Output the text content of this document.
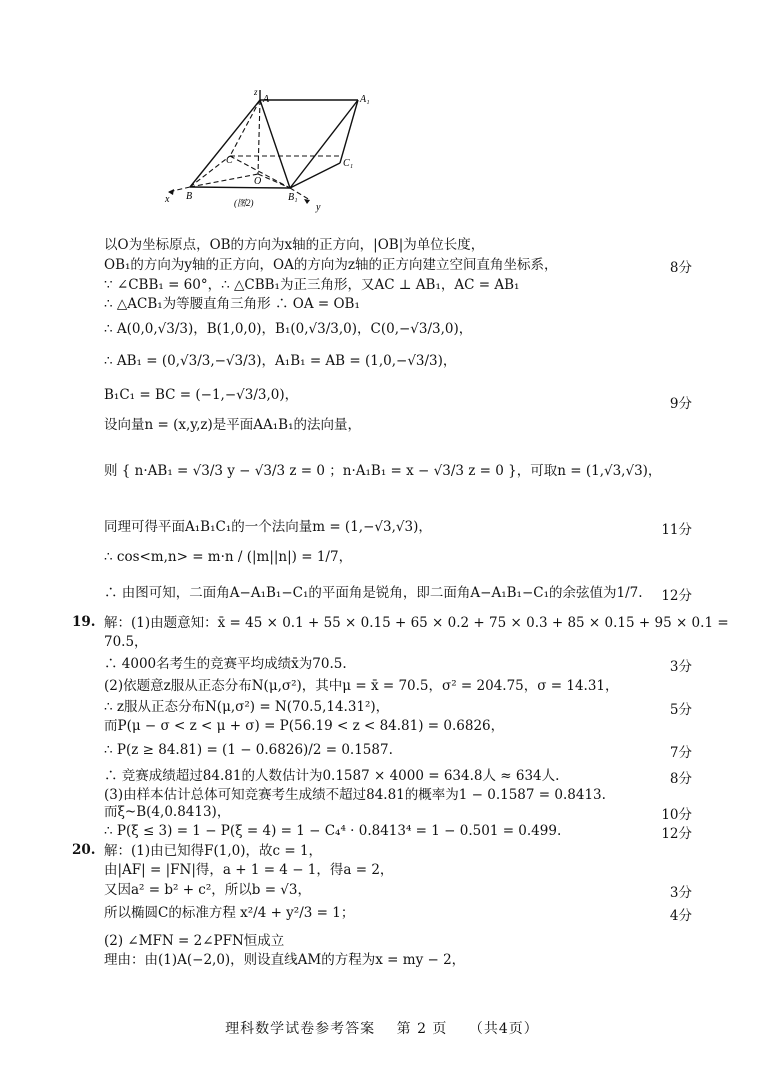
z
A	A₁
C	C₁
O
B	B₁
x
y
(图2)
以O为坐标原点，OB的方向为x轴的正方向，|OB|为单位长度，
OB₁的方向为y轴的正方向，OA的方向为z轴的正方向建立空间直角坐标系，
∵ ∠CBB₁ = 60°，∴ △CBB₁为正三角形，又AC ⊥ AB₁，AC = AB₁
∴ △ACB₁为等腰直角三角形 ∴ OA = OB₁
∴ A(0,0,√3/3)，B(1,0,0)，B₁(0,√3/3,0)，C(0,−√3/3,0)，
∴ AB₁ = (0,√3/3,−√3/3)，A₁B₁ = AB = (1,0,−√3/3)，
B₁C₁ = BC = (−1,−√3/3,0)，
设向量n = (x,y,z)是平面AA₁B₁的法向量，
则 { n·AB₁ = √3/3 y − √3/3 z = 0 ；n·A₁B₁ = x − √3/3 z = 0 }，可取n = (1,√3,√3)，
同理可得平面A₁B₁C₁的一个法向量m = (1,−√3,√3)，
∴ cos<m,n> = m·n / (|m||n|) = 1/7，
∴ 由图可知，二面角A−A₁B₁−C₁的平面角是锐角，即二面角A−A₁B₁−C₁的余弦值为1/7.
19. 解：(1)由题意知：x̄ = 45 × 0.1 + 55 × 0.15 + 65 × 0.2 + 75 × 0.3 + 85 × 0.15 + 95 × 0.1 =
70.5，
∴ 4000名考生的竞赛平均成绩x̄为70.5.
(2)依题意z服从正态分布N(μ,σ²)，其中μ = x̄ = 70.5，σ² = 204.75，σ = 14.31，
∴ z服从正态分布N(μ,σ²) = N(70.5,14.31²)，
而P(μ − σ < z < μ + σ) = P(56.19 < z < 84.81) = 0.6826，
∴ P(z ≥ 84.81) = (1 − 0.6826)/2 = 0.1587.
∴ 竞赛成绩超过84.81的人数估计为0.1587 × 4000 = 634.8人 ≈ 634人.
(3)由样本估计总体可知竞赛考生成绩不超过84.81的概率为1 − 0.1587 = 0.8413.
而ξ~B(4,0.8413)，
∴ P(ξ ≤ 3) = 1 − P(ξ = 4) = 1 − C₄⁴ · 0.8413⁴ = 1 − 0.501 = 0.499.
20. 解：(1)由已知得F(1,0)，故c = 1，
由|AF| = |FN|得，a + 1 = 4 − 1，得a = 2，
又因a² = b² + c²，所以b = √3，
所以椭圆C的标准方程 x²/4 + y²/3 = 1；
(2) ∠MFN = 2∠PFN恒成立
理由：由(1)A(−2,0)，则设直线AM的方程为x = my − 2，
8分
9分
11分
12分
3分
5分
7分
8分
10分
12分
3分
4分
理科数学试卷参考答案 第 2 页 （共4页）
